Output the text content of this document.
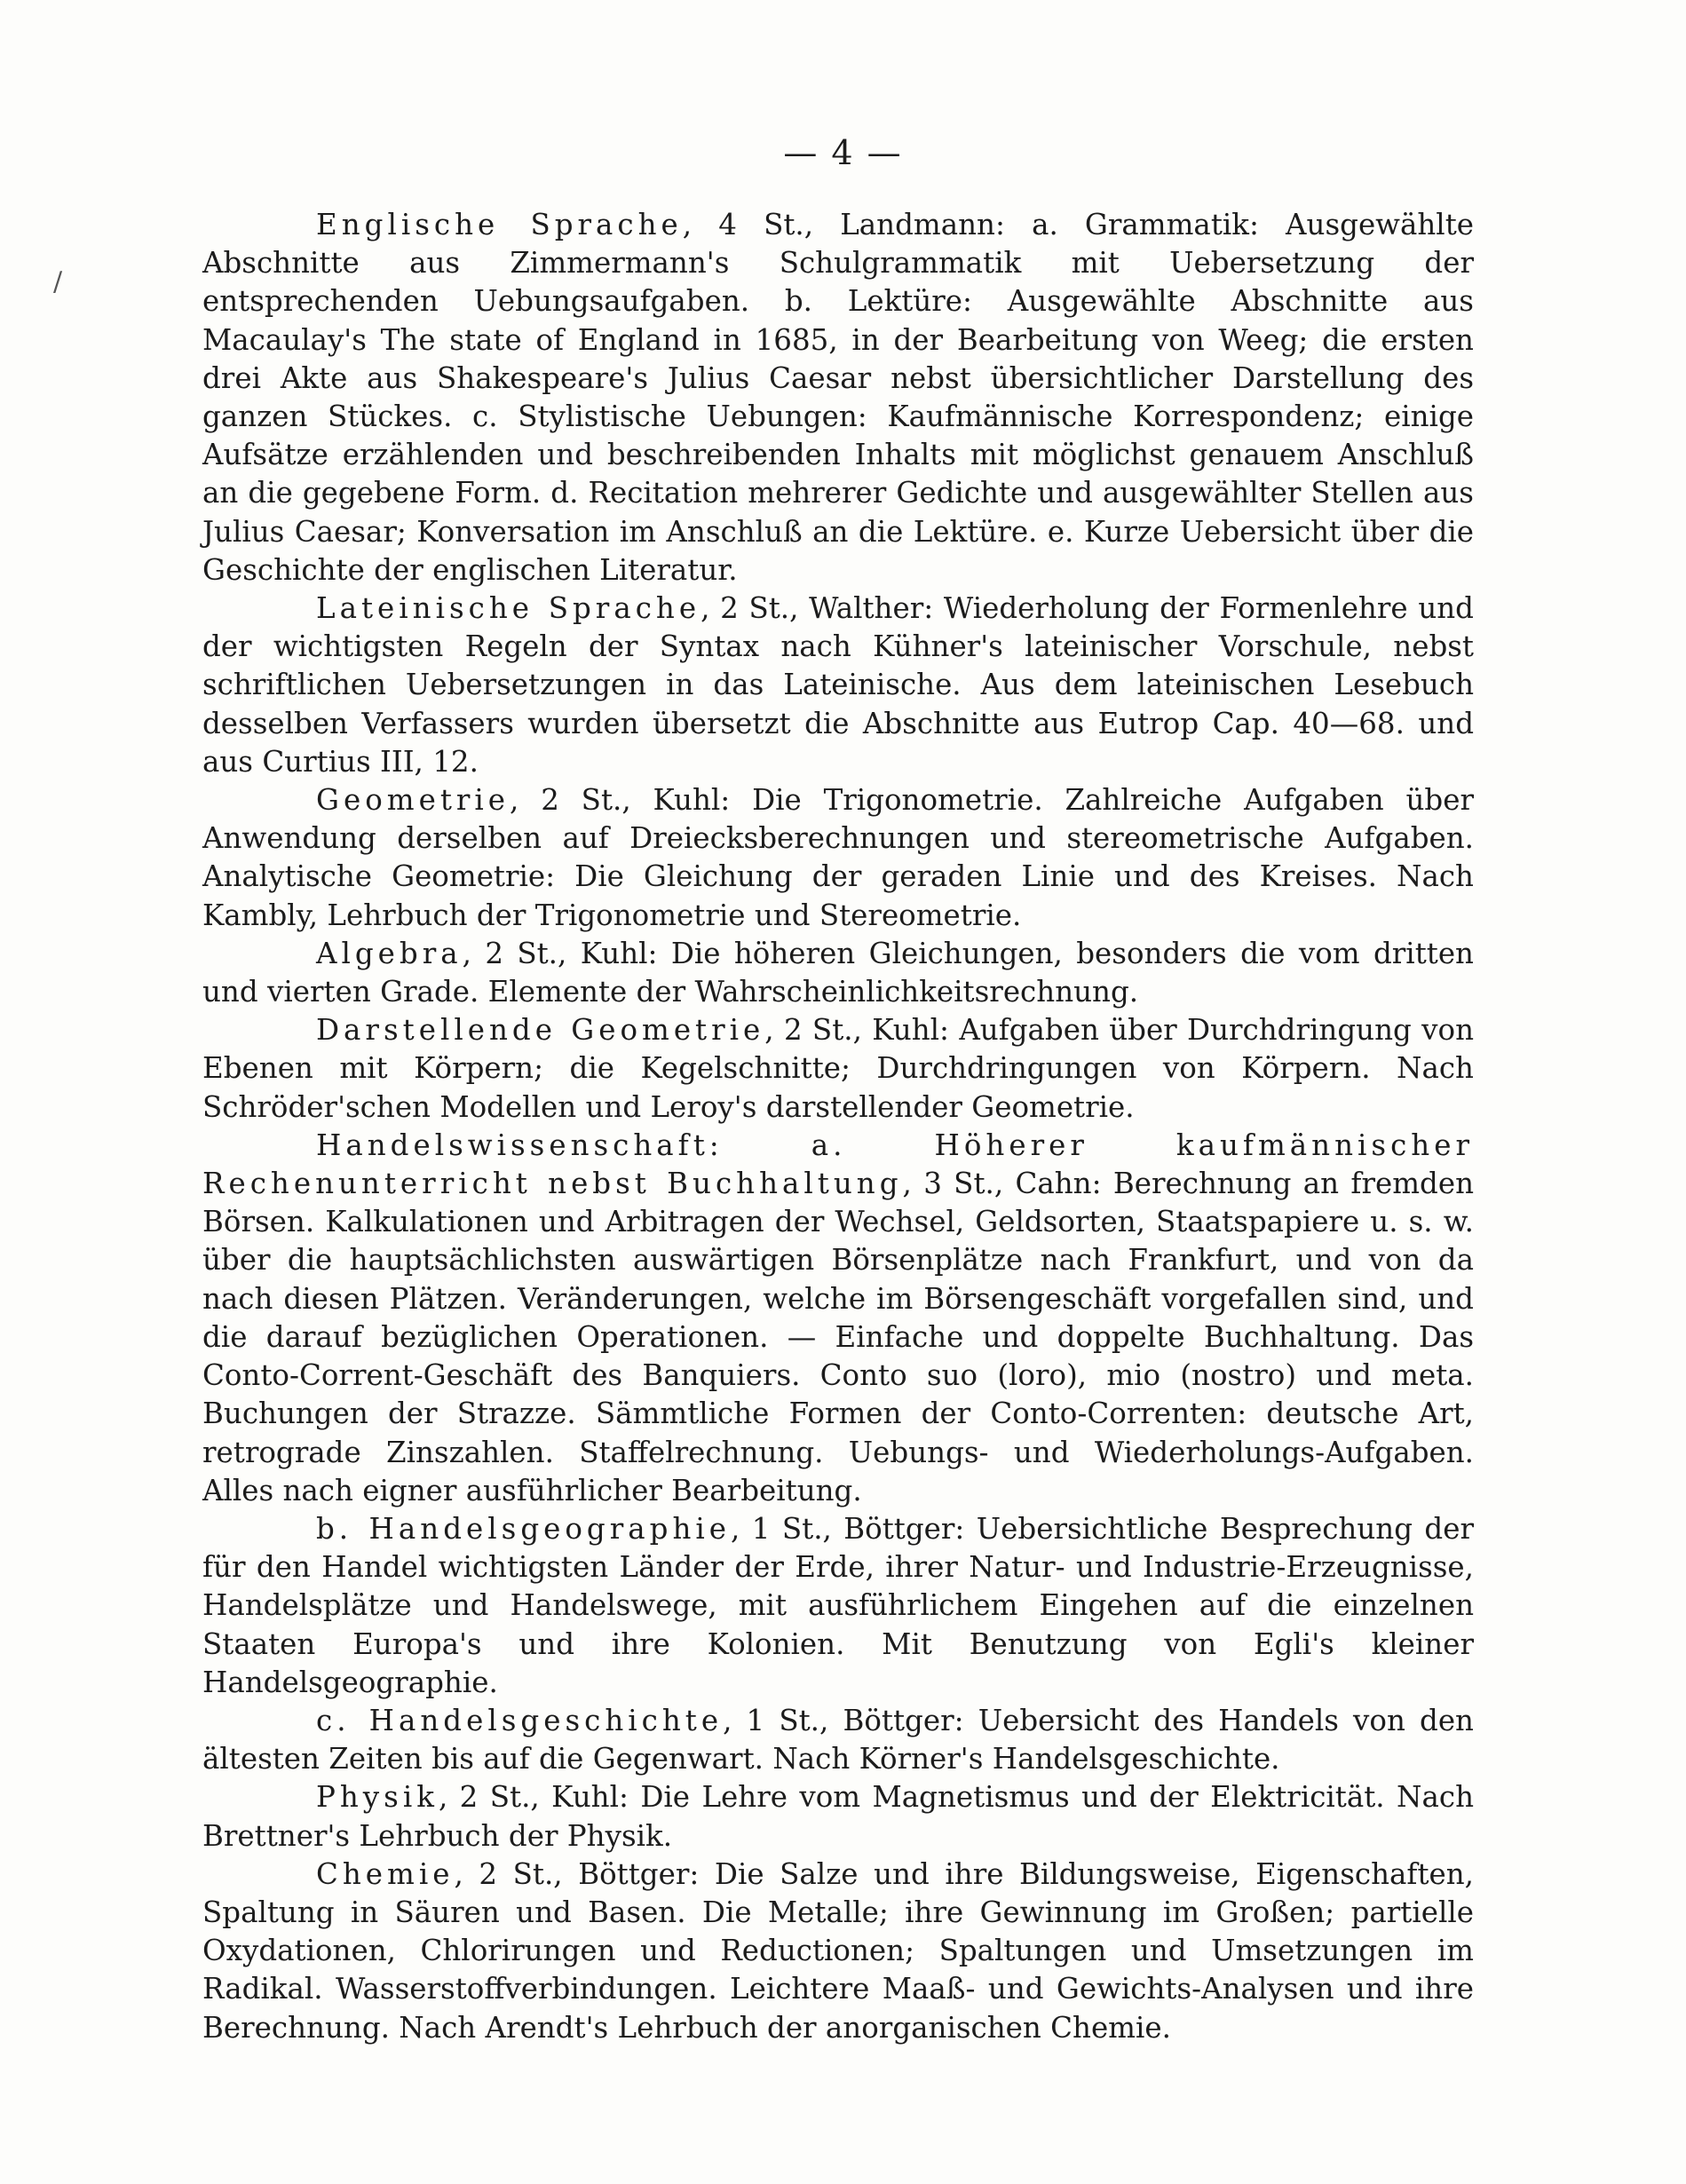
— 4 —
/

Englische Sprache, 4 St., Landmann: a. Grammatik: Ausgewählte Abschnitte aus Zimmermann's Schulgrammatik mit Uebersetzung der entsprechenden Uebungsaufgaben. b. Lektüre: Ausgewählte Abschnitte aus Macaulay's The state of England in 1685, in der Bearbeitung von Weeg; die ersten drei Akte aus Shakespeare's Julius Caesar nebst übersichtlicher Darstellung des ganzen Stückes. c. Stylistische Uebungen: Kaufmännische Korrespondenz; einige Aufsätze erzählenden und beschreibenden Inhalts mit möglichst genauem Anschluß an die gegebene Form. d. Recitation mehrerer Gedichte und ausgewählter Stellen aus Julius Caesar; Konversation im Anschluß an die Lektüre. e. Kurze Uebersicht über die Geschichte der englischen Literatur.

Lateinische Sprache, 2 St., Walther: Wiederholung der Formenlehre und der wichtigsten Regeln der Syntax nach Kühner's lateinischer Vorschule, nebst schriftlichen Uebersetzungen in das Lateinische. Aus dem lateinischen Lesebuch desselben Verfassers wurden übersetzt die Abschnitte aus Eutrop Cap. 40—68. und aus Curtius III, 12.

Geometrie, 2 St., Kuhl: Die Trigonometrie. Zahlreiche Aufgaben über Anwendung derselben auf Dreiecksberechnungen und stereometrische Aufgaben. Analytische Geometrie: Die Gleichung der geraden Linie und des Kreises. Nach Kambly, Lehrbuch der Trigonometrie und Stereometrie.

Algebra, 2 St., Kuhl: Die höheren Gleichungen, besonders die vom dritten und vierten Grade. Elemente der Wahrscheinlichkeitsrechnung.

Darstellende Geometrie, 2 St., Kuhl: Aufgaben über Durchdringung von Ebenen mit Körpern; die Kegelschnitte; Durchdringungen von Körpern. Nach Schröder'schen Modellen und Leroy's darstellender Geometrie.

Handelswissenschaft: a. Höherer kaufmännischer Rechenunterricht nebst Buchhaltung, 3 St., Cahn: Berechnung an fremden Börsen. Kalkulationen und Arbitragen der Wechsel, Geldsorten, Staatspapiere u. s. w. über die hauptsächlichsten auswärtigen Börsenplätze nach Frankfurt, und von da nach diesen Plätzen. Veränderungen, welche im Börsengeschäft vorgefallen sind, und die darauf bezüglichen Operationen. — Einfache und doppelte Buchhaltung. Das Conto-Corrent-Geschäft des Banquiers. Conto suo (loro), mio (nostro) und meta. Buchungen der Strazze. Sämmtliche Formen der Conto-Correnten: deutsche Art, retrograde Zinszahlen. Staffelrechnung. Uebungs- und Wiederholungs-Aufgaben. Alles nach eigner ausführlicher Bearbeitung.

b. Handelsgeographie, 1 St., Böttger: Uebersichtliche Besprechung der für den Handel wichtigsten Länder der Erde, ihrer Natur- und Industrie-Erzeugnisse, Handelsplätze und Handelswege, mit ausführlichem Eingehen auf die einzelnen Staaten Europa's und ihre Kolonien. Mit Benutzung von Egli's kleiner Handelsgeographie.

c. Handelsgeschichte, 1 St., Böttger: Uebersicht des Handels von den ältesten Zeiten bis auf die Gegenwart. Nach Körner's Handelsgeschichte.

Physik, 2 St., Kuhl: Die Lehre vom Magnetismus und der Elektricität. Nach Brettner's Lehrbuch der Physik.

Chemie, 2 St., Böttger: Die Salze und ihre Bildungsweise, Eigenschaften, Spaltung in Säuren und Basen. Die Metalle; ihre Gewinnung im Großen; partielle Oxydationen, Chlorirungen und Reductionen; Spaltungen und Umsetzungen im Radikal. Wasserstoffverbindungen. Leichtere Maaß- und Gewichts-Analysen und ihre Berechnung. Nach Arendt's Lehrbuch der anorganischen Chemie.
